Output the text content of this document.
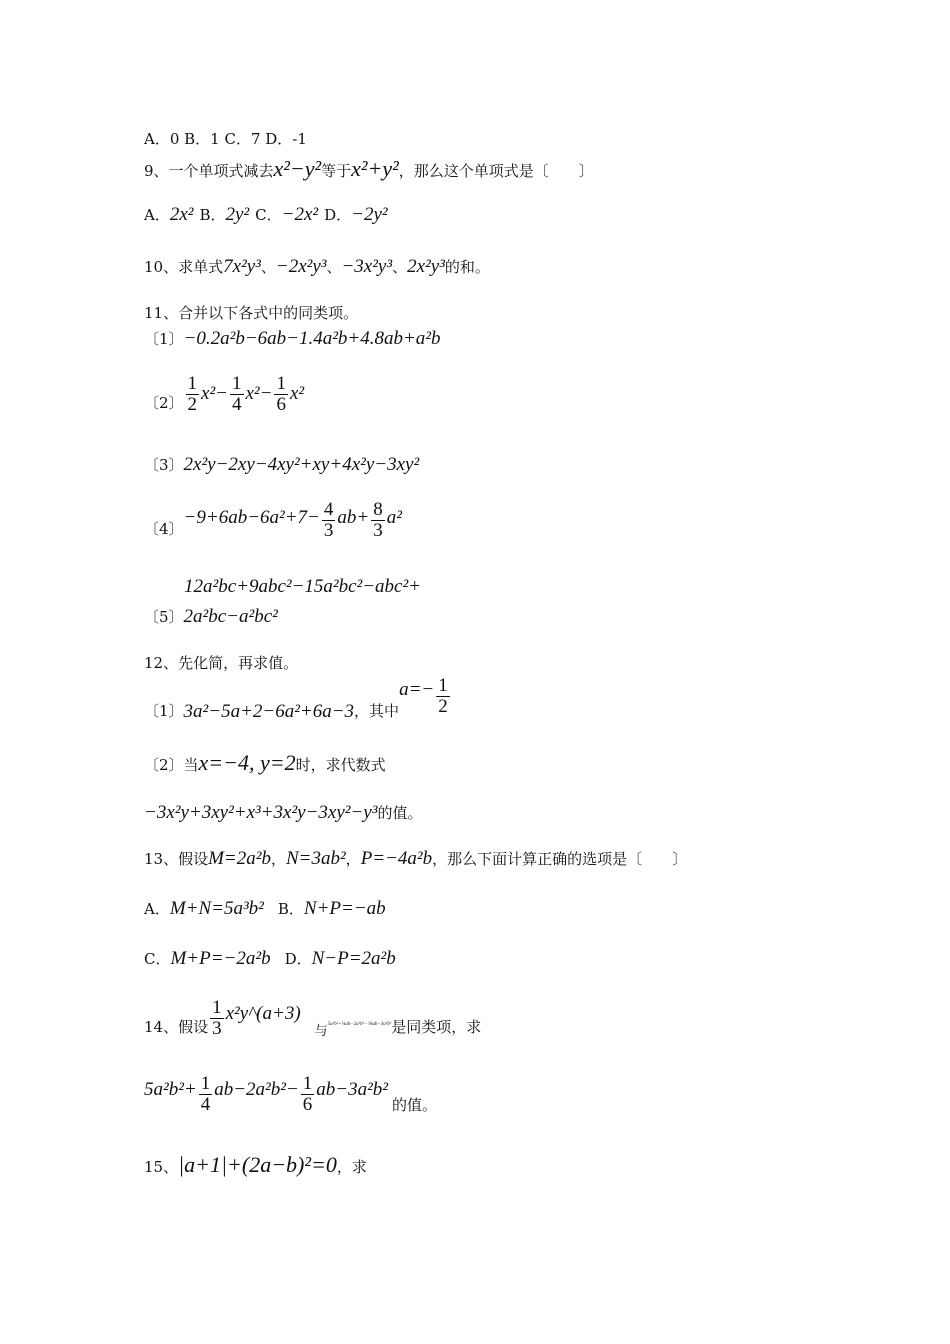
A．0 B．1 C．7 D．-1
9、一个单项式减去 x²−y² 等于 x²+y² ，那么这个单项式是〔　　〕
A． 2x² B． 2y² C． −2x² D． −2y²
10、求单式 7x²y³ 、 −2x²y³ 、 −3x²y³ 、 2x²y³ 的和。
11、合并以下各式中的同类项。
〔1〕 −0.2a²b−6ab−1.4a²b+4.8ab+a²b
〔2〕 $\frac{1}{2} x^2- \frac{1}{4} x^2- \frac{1}{6} x^2$
〔3〕 2x²y−2xy−4xy²+xy+4x²y−3xy²
〔4〕
$-9+6ab-6a^2+7- \frac{4}{3} ab+ \frac{8}{3} a^2$
12a²bc+9abc²−15a²bc²−abc²+
〔5〕 2a²bc−a²bc²
12、先化简，再求值。
〔1〕 3a²−5a+2−6a²+6a−3 ，其中
$a=- \frac{1}{2}$
〔2〕当 x=−4, y=2 时，求代数式
−3x²y+3xy²+x³+3x²y−3xy²−y³ 的值。
13、假设 M=2a²b ， N=3ab² ， P=−4a²b ，那么下面计算正确的选项是〔　　〕
A． M+N=5a³b² B． N+P=−ab
C． M+P=−2a²b D． N−P=2a²b
14、假设 $\frac{1}{3}$ x²y^(a+3)
与 5a²b²+¼ab−2a²b²−⅙ab−3a²b² 是同类项，求
$5a^2b^2+ \frac{1}{4} ab-2a^2b^2- \frac{1}{6} ab-3a^2b^2$
的值。
15、 |a+1|+(2a−b)²=0 ，求
